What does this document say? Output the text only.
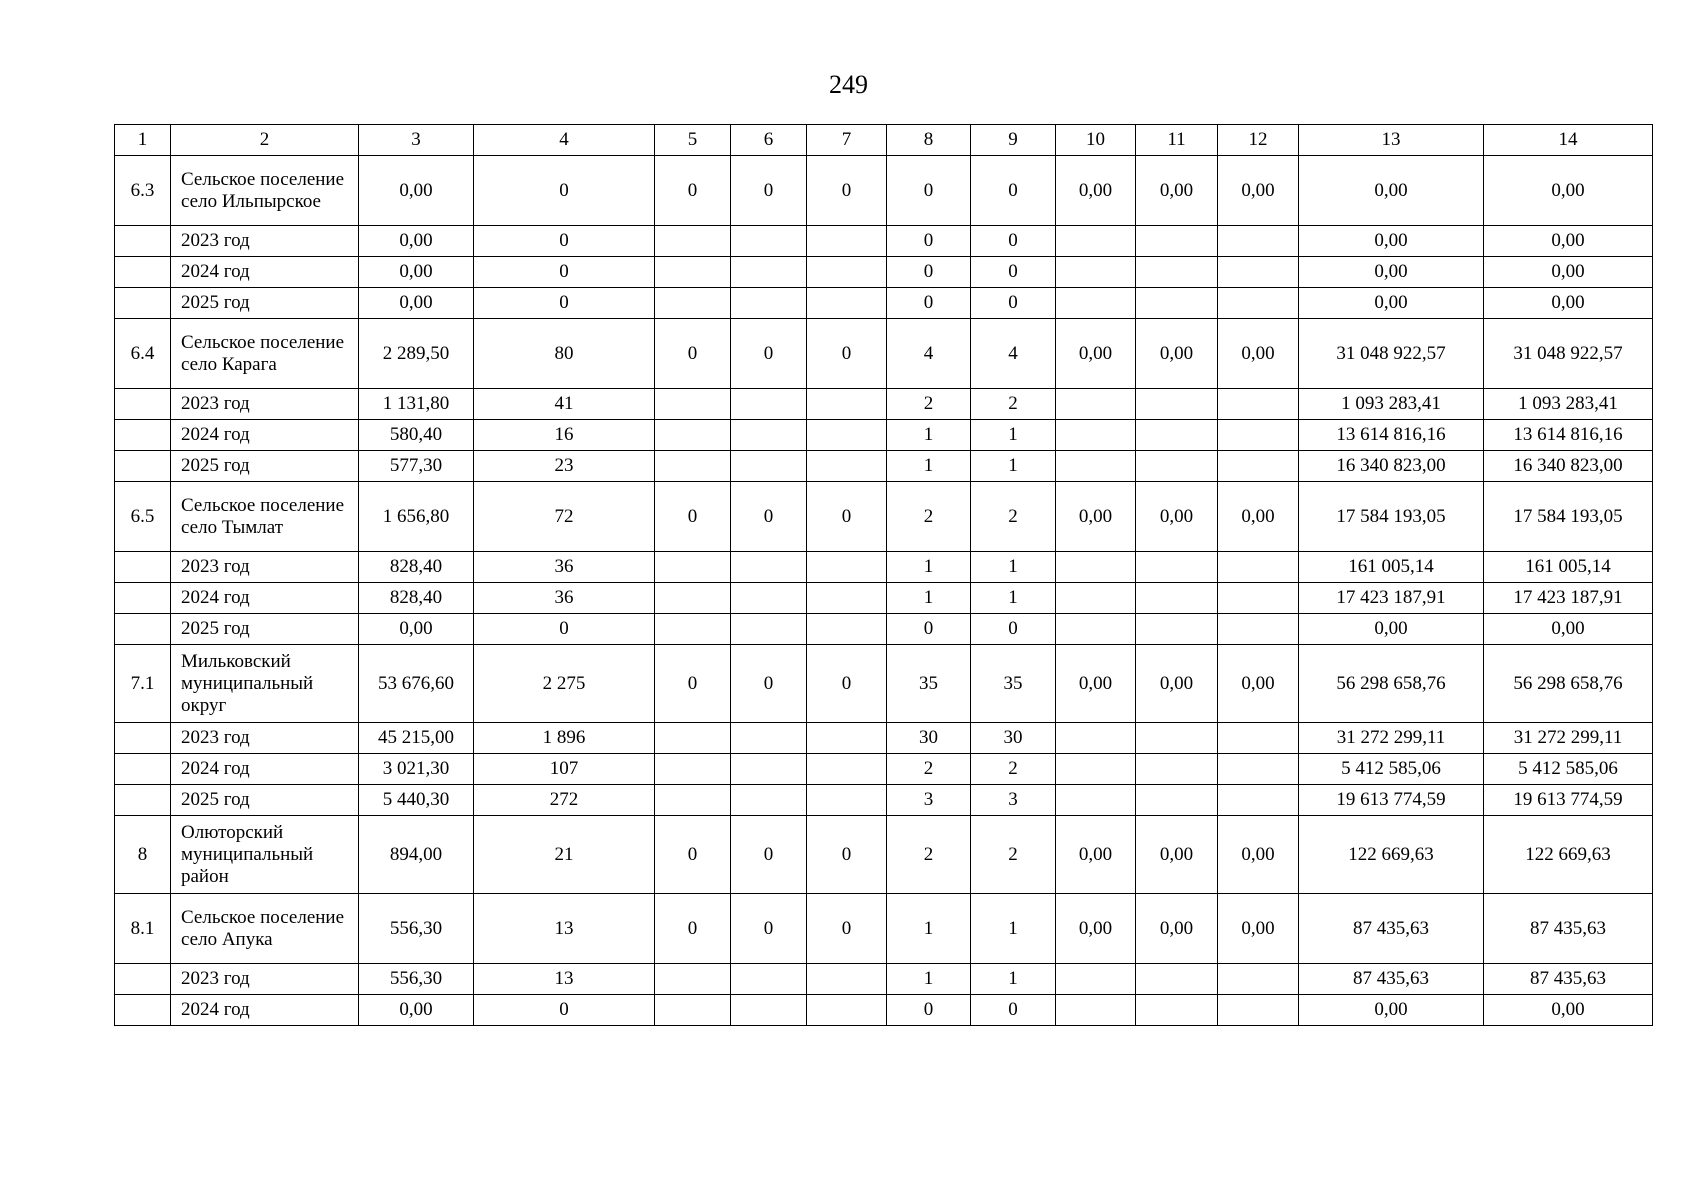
249
1	2	3	4	5	6	7	8	9	10	11	12	13	14
6.3	Сельское поселение село Ильпырское	0,00	0	0	0	0	0	0	0,00	0,00	0,00	0,00	0,00
	2023 год	0,00	0				0	0				0,00	0,00
	2024 год	0,00	0				0	0				0,00	0,00
	2025 год	0,00	0				0	0				0,00	0,00
6.4	Сельское поселение село Карага	2 289,50	80	0	0	0	4	4	0,00	0,00	0,00	31 048 922,57	31 048 922,57
	2023 год	1 131,80	41				2	2				1 093 283,41	1 093 283,41
	2024 год	580,40	16				1	1				13 614 816,16	13 614 816,16
	2025 год	577,30	23				1	1				16 340 823,00	16 340 823,00
6.5	Сельское поселение село Тымлат	1 656,80	72	0	0	0	2	2	0,00	0,00	0,00	17 584 193,05	17 584 193,05
	2023 год	828,40	36				1	1				161 005,14	161 005,14
	2024 год	828,40	36				1	1				17 423 187,91	17 423 187,91
	2025 год	0,00	0				0	0				0,00	0,00
7.1	Мильковский муниципальный округ	53 676,60	2 275	0	0	0	35	35	0,00	0,00	0,00	56 298 658,76	56 298 658,76
	2023 год	45 215,00	1 896				30	30				31 272 299,11	31 272 299,11
	2024 год	3 021,30	107				2	2				5 412 585,06	5 412 585,06
	2025 год	5 440,30	272				3	3				19 613 774,59	19 613 774,59
8	Олюторский муниципальный район	894,00	21	0	0	0	2	2	0,00	0,00	0,00	122 669,63	122 669,63
8.1	Сельское поселение село Апука	556,30	13	0	0	0	1	1	0,00	0,00	0,00	87 435,63	87 435,63
	2023 год	556,30	13				1	1				87 435,63	87 435,63
	2024 год	0,00	0				0	0				0,00	0,00
